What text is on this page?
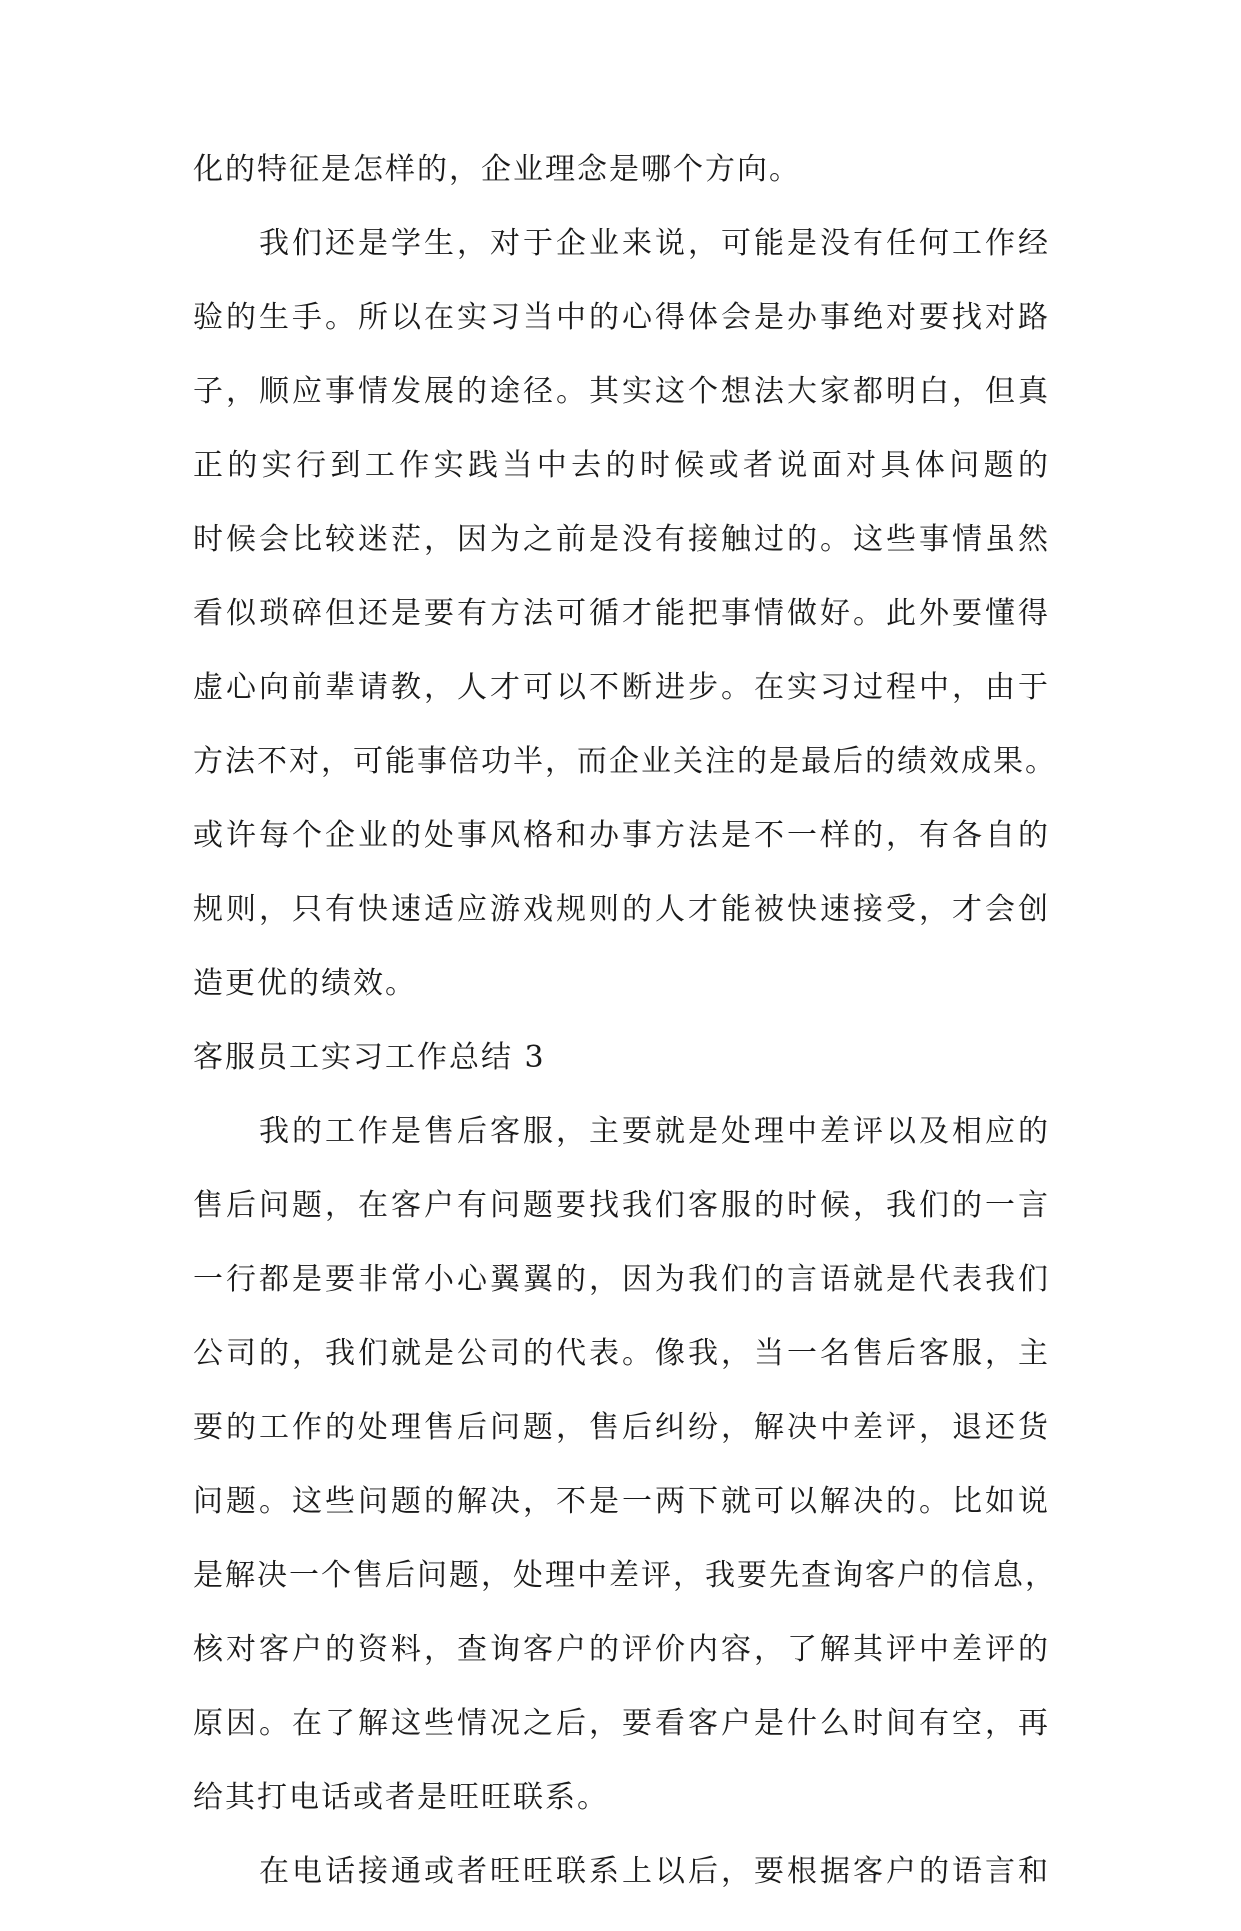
化的特征是怎样的，企业理念是哪个方向。
我们还是学生，对于企业来说，可能是没有任何工作经
验的生手。所以在实习当中的心得体会是办事绝对要找对路
子，顺应事情发展的途径。其实这个想法大家都明白，但真
正的实行到工作实践当中去的时候或者说面对具体问题的
时候会比较迷茫，因为之前是没有接触过的。这些事情虽然
看似琐碎但还是要有方法可循才能把事情做好。此外要懂得
虚心向前辈请教，人才可以不断进步。在实习过程中，由于
方法不对，可能事倍功半，而企业关注的是最后的绩效成果。
或许每个企业的处事风格和办事方法是不一样的，有各自的
规则，只有快速适应游戏规则的人才能被快速接受，才会创
造更优的绩效。
客服员工实习工作总结 3
我的工作是售后客服，主要就是处理中差评以及相应的
售后问题，在客户有问题要找我们客服的时候，我们的一言
一行都是要非常小心翼翼的，因为我们的言语就是代表我们
公司的，我们就是公司的代表。像我，当一名售后客服，主
要的工作的处理售后问题，售后纠纷，解决中差评，退还货
问题。这些问题的解决，不是一两下就可以解决的。比如说
是解决一个售后问题，处理中差评，我要先查询客户的信息，
核对客户的资料，查询客户的评价内容，了解其评中差评的
原因。在了解这些情况之后，要看客户是什么时间有空，再
给其打电话或者是旺旺联系。
在电话接通或者旺旺联系上以后，要根据客户的语言和
